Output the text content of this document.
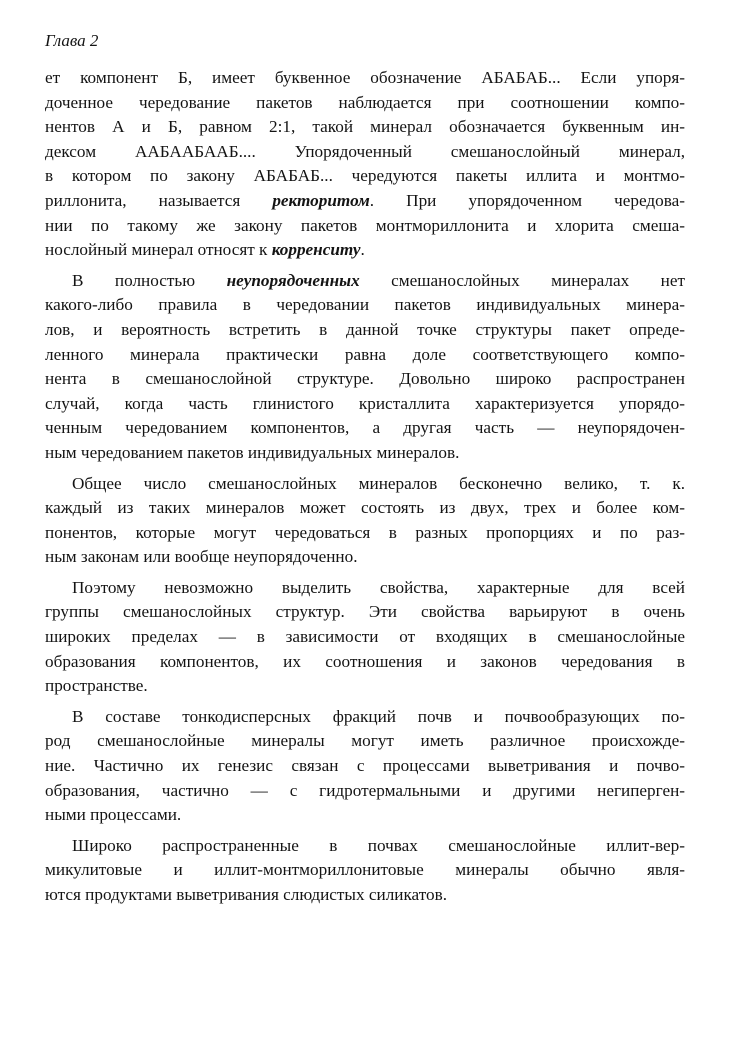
Глава 2
ет компонент Б, имеет буквенное обозначение АБАБАБ... Если упоря-
доченное чередование пакетов наблюдается при соотношении компо-
нентов А и Б, равном 2:1, такой минерал обозначается буквенным ин-
дексом ААБААБААБ.... Упорядоченный смешанослойный минерал,
в котором по закону АБАБАБ... чередуются пакеты иллита и монтмо-
риллонита, называется ректоритом. При упорядоченном чередова-
нии по такому же закону пакетов монтмориллонита и хлорита смеша-
нослойный минерал относят к корренситу.
В полностью неупорядоченных смешанослойных минералах нет
какого-либо правила в чередовании пакетов индивидуальных минера-
лов, и вероятность встретить в данной точке структуры пакет опреде-
ленного минерала практически равна доле соответствующего компо-
нента в смешанослойной структуре. Довольно широко распространен
случай, когда часть глинистого кристаллита характеризуется упорядо-
ченным чередованием компонентов, а другая часть — неупорядочен-
ным чередованием пакетов индивидуальных минералов.
Общее число смешанослойных минералов бесконечно велико, т. к.
каждый из таких минералов может состоять из двух, трех и более ком-
понентов, которые могут чередоваться в разных пропорциях и по раз-
ным законам или вообще неупорядоченно.
Поэтому невозможно выделить свойства, характерные для всей
группы смешанослойных структур. Эти свойства варьируют в очень
широких пределах — в зависимости от входящих в смешанослойные
образования компонентов, их соотношения и законов чередования в
пространстве.
В составе тонкодисперсных фракций почв и почвообразующих по-
род смешанослойные минералы могут иметь различное происхожде-
ние. Частично их генезис связан с процессами выветривания и почво-
образования, частично — с гидротермальными и другими негиперген-
ными процессами.
Широко распространенные в почвах смешанослойные иллит-вер-
микулитовые и иллит-монтмориллонитовые минералы обычно явля-
ются продуктами выветривания слюдистых силикатов.
